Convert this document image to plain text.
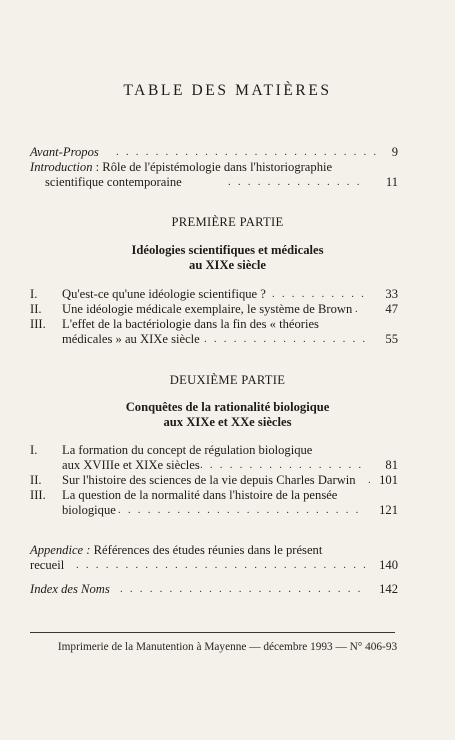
TABLE DES MATIÈRES
Avant-Propos . . .	9
Introduction : Rôle de l'épistémologie dans l'historiographie
scientifique contemporaine . . .	11
PREMIÈRE PARTIE
Idéologies scientifiques et médicales
au XIXe siècle
I. Qu'est-ce qu'une idéologie scientifique ? . . .	33
II. Une idéologie médicale exemplaire, le système de Brown . . .	47
III. L'effet de la bactériologie dans la fin des « théories
médicales » au XIXe siècle . . .	55
DEUXIÈME PARTIE
Conquêtes de la rationalité biologique
aux XIXe et XXe siècles
I. La formation du concept de régulation biologique
aux XVIIIe et XIXe siècles . . .	81
II. Sur l'histoire des sciences de la vie depuis Charles Darwin . . . 101
III. La question de la normalité dans l'histoire de la pensée
biologique . . .	121
Appendice : Références des études réunies dans le présent
recueil . . .	140
Index des Noms . . .	142
Imprimerie de la Manutention à Mayenne — décembre 1993 — N° 406-93
